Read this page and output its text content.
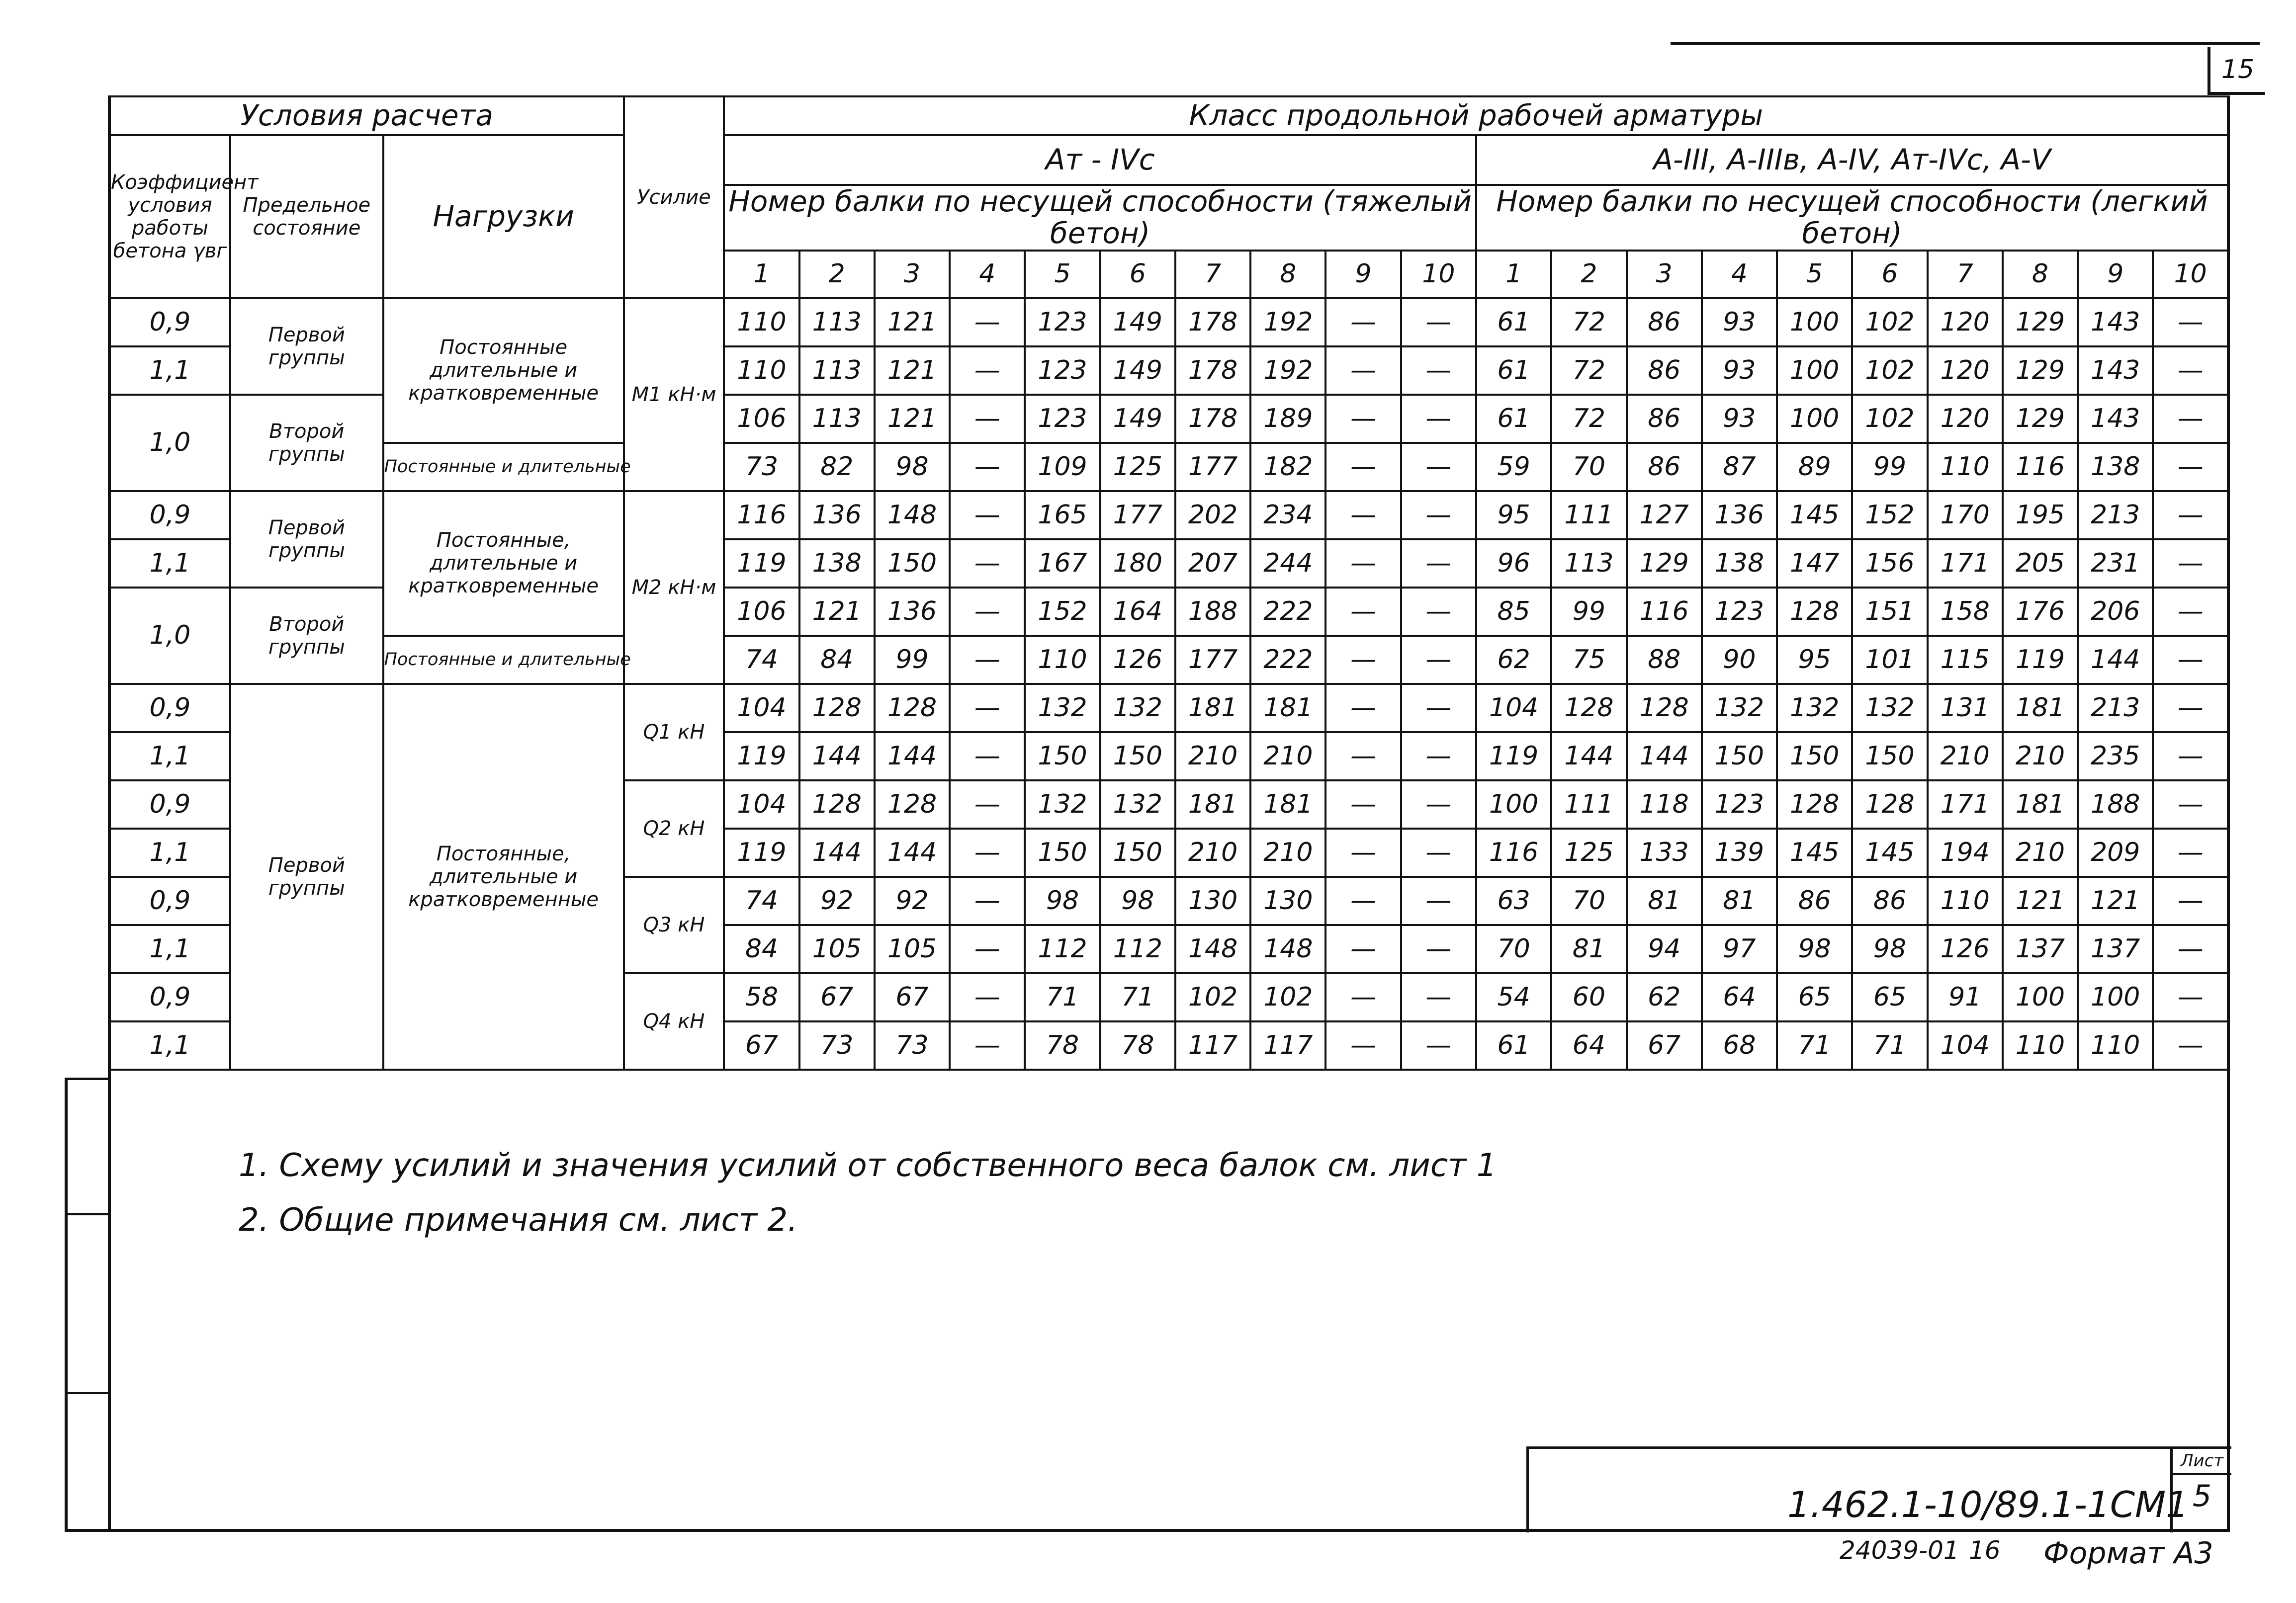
15
Условия расчета			Усилие	Класс продольной рабочей арматуры																			
Коэффициент условия работы бетона γвг	Предельное состояние	Нагрузки		Ат - IVс										А-III, А-IIIв, А-IV, Ат-IVс, А-V									
				Номер балки по несущей способности (тяжелый бетон)										Номер балки по несущей способности (легкий бетон)									
				1	2	3	4	5	6	7	8	9	10	1	2	3	4	5	6	7	8	9	10
0,9	Первой группы	Постоянные длительные и кратковременные	M1 кН·м	110	113	121	—	123	149	178	192	—	—	61	72	86	93	100	102	120	129	143	—
1,1				110	113	121	—	123	149	178	192	—	—	61	72	86	93	100	102	120	129	143	—
1,0	Второй группы			106	113	121	—	123	149	178	189	—	—	61	72	86	93	100	102	120	129	143	—
		Постоянные и длительные		73	82	98	—	109	125	177	182	—	—	59	70	86	87	89	99	110	116	138	—
0,9	Первой группы	Постоянные, длительные и кратковременные	M2 кН·м	116	136	148	—	165	177	202	234	—	—	95	111	127	136	145	152	170	195	213	—
1,1				119	138	150	—	167	180	207	244	—	—	96	113	129	138	147	156	171	205	231	—
1,0	Второй группы			106	121	136	—	152	164	188	222	—	—	85	99	116	123	128	151	158	176	206	—
		Постоянные и длительные		74	84	99	—	110	126	177	222	—	—	62	75	88	90	95	101	115	119	144	—
0,9	Первой группы	Постоянные, длительные и кратковременные	Q1 кН	104	128	128	—	132	132	181	181	—	—	104	128	128	132	132	132	131	181	213	—
1,1				119	144	144	—	150	150	210	210	—	—	119	144	144	150	150	150	210	210	235	—
0,9			Q2 кН	104	128	128	—	132	132	181	181	—	—	100	111	118	123	128	128	171	181	188	—
1,1				119	144	144	—	150	150	210	210	—	—	116	125	133	139	145	145	194	210	209	—
0,9			Q3 кН	74	92	92	—	98	98	130	130	—	—	63	70	81	81	86	86	110	121	121	—
1,1				84	105	105	—	112	112	148	148	—	—	70	81	94	97	98	98	126	137	137	—
0,9			Q4 кН	58	67	67	—	71	71	102	102	—	—	54	60	62	64	65	65	91	100	100	—
1,1				67	73	73	—	78	78	117	117	—	—	61	64	67	68	71	71	104	110	110	—
1. Схему усилий и значения усилий от собственного веса балок см. лист 1
2. Общие примечания см. лист 2.
1.462.1-10/89.1-1СМ1
Лист
5
24039-01 16 Формат А3
